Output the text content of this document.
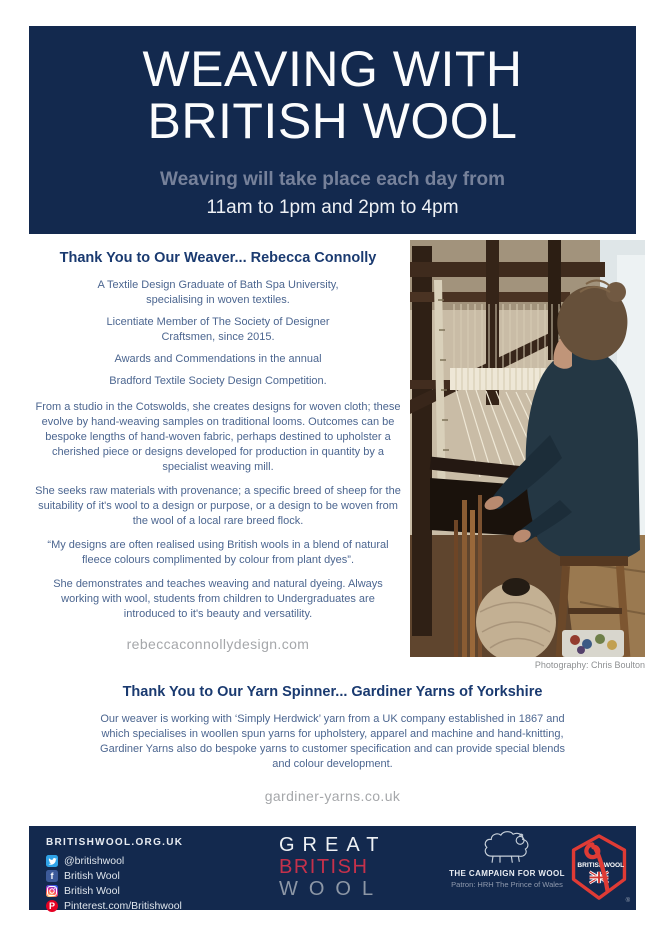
WEAVING WITH
BRITISH WOOL
Weaving will take place each day from
11am to 1pm and 2pm to 4pm
Thank You to Our Weaver... Rebecca Connolly

A Textile Design Graduate of Bath Spa University, specialising in woven textiles.

Licentiate Member of The Society of Designer Craftsmen, since 2015.

Awards and Commendations in the annual

Bradford Textile Society Design Competition.

From a studio in the Cotswolds, she creates designs for woven cloth; these evolve by hand-weaving samples on traditional looms. Outcomes can be bespoke lengths of hand-woven fabric, perhaps destined to upholster a cherished piece or designs developed for production in quantity by a specialist weaving mill.

She seeks raw materials with provenance; a specific breed of sheep for the suitability of it's wool to a design or purpose, or a design to be woven from the wool of a local rare breed flock.

“My designs are often realised using British wools in a blend of natural fleece colours complimented by colour from plant dyes”.

She demonstrates and teaches weaving and natural dyeing. Always working with wool, students from children to Undergraduates are introduced to it's beauty and versatility.

rebeccaconnollydesign.com
Photography: Chris Boulton
Thank You to Our Yarn Spinner... Gardiner Yarns of Yorkshire

Our weaver is working with ‘Simply Herdwick’ yarn from a UK company established in 1867 and which specialises in woollen spun yarns for upholstery, apparel and machine and hand-knitting, Gardiner Yarns also do bespoke yarns to customer specification and can provide special blends and colour development.

gardiner-yarns.co.uk
BRITISHWOOL.ORG.UK
@britishwool
f	British Wool
British Wool
P Pinterest.com/Britishwool
GREAT
BRITISH
WOOL
THE CAMPAIGN FOR WOOL
Patron: HRH The Prince of Wales
BRITISH WOOL
®
